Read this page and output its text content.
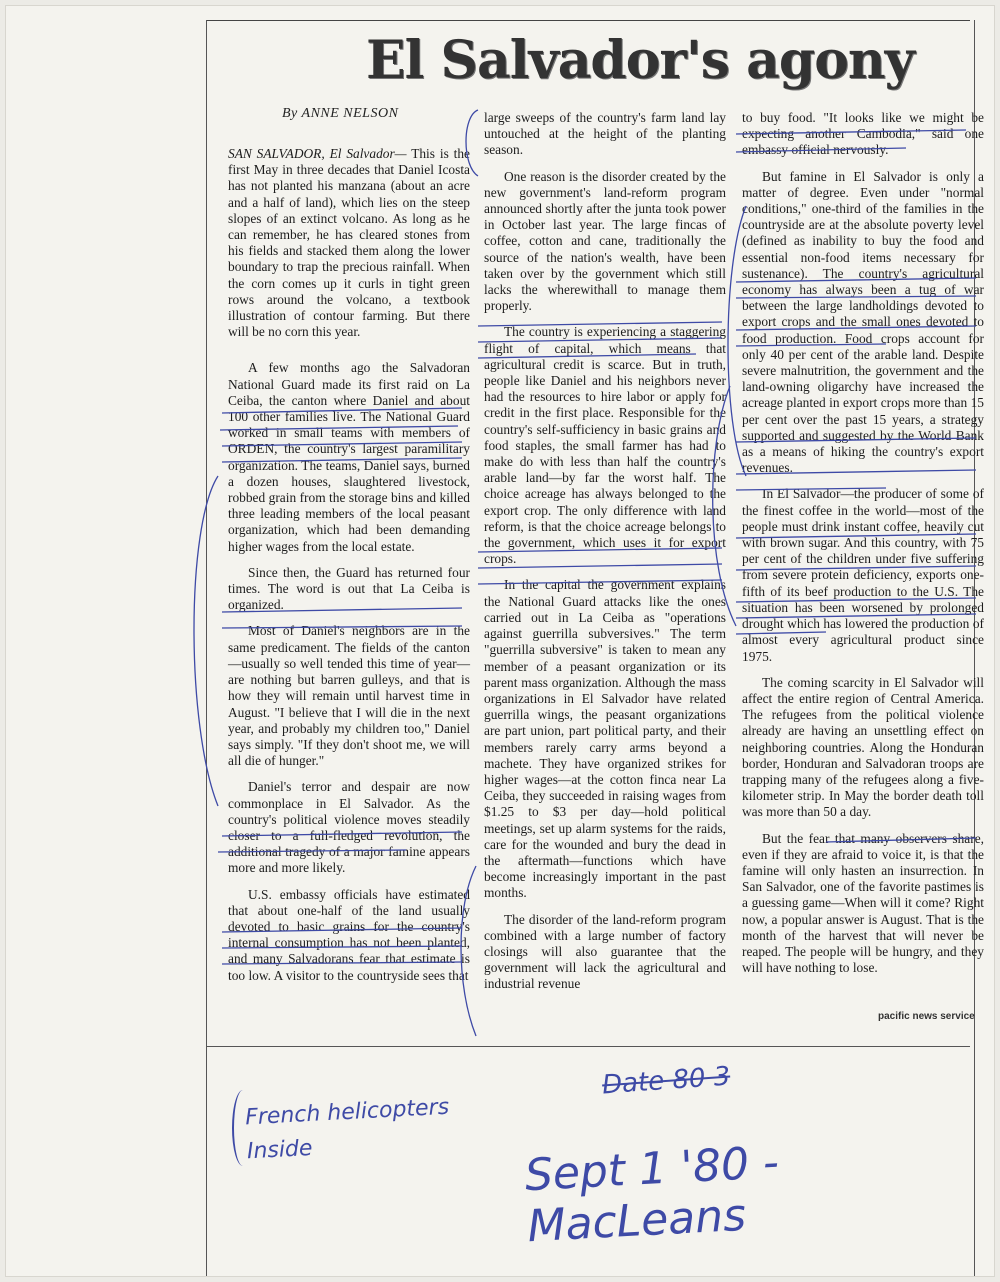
El Salvador's agony
By ANNE NELSON

SAN SALVADOR, El Salvador— This is the first May in three decades that Daniel Icosta has not planted his manzana (about an acre and a half of land), which lies on the steep slopes of an extinct volcano. As long as he can remember, he has cleared stones from his fields and stacked them along the lower boundary to trap the precious rainfall. When the corn comes up it curls in tight green rows around the volcano, a textbook illustration of contour farming. But there will be no corn this year.

A few months ago the Salvadoran National Guard made its first raid on La Ceiba, the canton where Daniel and about 100 other families live. The National Guard worked in small teams with members of ORDEN, the country's largest paramilitary organization. The teams, Daniel says, burned a dozen houses, slaughtered livestock, robbed grain from the storage bins and killed three leading members of the local peasant organization, which had been demanding higher wages from the local estate.

Since then, the Guard has returned four times. The word is out that La Ceiba is organized.

Most of Daniel's neighbors are in the same predicament. The fields of the canton—usually so well tended this time of year—are nothing but barren gulleys, and that is how they will remain until harvest time in August. "I believe that I will die in the next year, and probably my children too," Daniel says simply. "If they don't shoot me, we will all die of hunger."

Daniel's terror and despair are now commonplace in El Salvador. As the country's political violence moves steadily closer to a full-fledged revolution, the additional tragedy of a major famine appears more and more likely.

U.S. embassy officials have estimated that about one-half of the land usually devoted to basic grains for the country's internal consumption has not been planted, and many Salvadorans fear that estimate is too low. A visitor to the countryside sees that

large sweeps of the country's farm land lay untouched at the height of the planting season.

One reason is the disorder created by the new government's land-reform program announced shortly after the junta took power in October last year. The large fincas of coffee, cotton and cane, traditionally the source of the nation's wealth, have been taken over by the government which still lacks the wherewithall to manage them properly.

The country is experiencing a staggering flight of capital, which means that agricultural credit is scarce. But in truth, people like Daniel and his neighbors never had the resources to hire labor or apply for credit in the first place. Responsible for the country's self-sufficiency in basic grains and food staples, the small farmer has had to make do with less than half the country's arable land—by far the worst half. The choice acreage has always belonged to the export crop. The only difference with land reform, is that the choice acreage belongs to the government, which uses it for export crops.

In the capital the government explains the National Guard attacks like the ones carried out in La Ceiba as "operations against guerrilla subversives." The term "guerrilla subversive" is taken to mean any member of a peasant organization or its parent mass organization. Although the mass organizations in El Salvador have related guerrilla wings, the peasant organizations are part union, part political party, and their members rarely carry arms beyond a machete. They have organized strikes for higher wages—at the cotton finca near La Ceiba, they succeeded in raising wages from $1.25 to $3 per day—hold political meetings, set up alarm systems for the raids, care for the wounded and bury the dead in the aftermath—functions which have become increasingly important in the past months.

The disorder of the land-reform program combined with a large number of factory closings will also guarantee that the government will lack the agricultural and industrial revenue

to buy food. "It looks like we might be expecting another Cambodia," said one embassy official nervously.

But famine in El Salvador is only a matter of degree. Even under "normal conditions," one-third of the families in the countryside are at the absolute poverty level (defined as inability to buy the food and essential non-food items necessary for sustenance). The country's agricultural economy has always been a tug of war between the large landholdings devoted to export crops and the small ones devoted to food production. Food crops account for only 40 per cent of the arable land. Despite severe malnutrition, the government and the land-owning oligarchy have increased the acreage planted in export crops more than 15 per cent over the past 15 years, a strategy supported and suggested by the World Bank as a means of hiking the country's export revenues.

In El Salvador—the producer of some of the finest coffee in the world—most of the people must drink instant coffee, heavily cut with brown sugar. And this country, with 75 per cent of the children under five suffering from severe protein deficiency, exports one-fifth of its beef production to the U.S. The situation has been worsened by prolonged drought which has lowered the production of almost every agricultural product since 1975.

The coming scarcity in El Salvador will affect the entire region of Central America. The refugees from the political violence already are having an unsettling effect on neighboring countries. Along the Honduran border, Honduran and Salvadoran troops are trapping many of the refugees along a five-kilometer strip. In May the border death toll was more than 50 a day.

But the fear that many observers share, even if they are afraid to voice it, is that the famine will only hasten an insurrection. In San Salvador, one of the favorite pastimes is a guessing game—When will it come? Right now, a popular answer is August. That is the month of the harvest that will never be reaped. The people will be hungry, and they will have nothing to lose.

pacific news service
French helicopters
Inside
Date 80 3
Sept 1 '80 - MacLeans
